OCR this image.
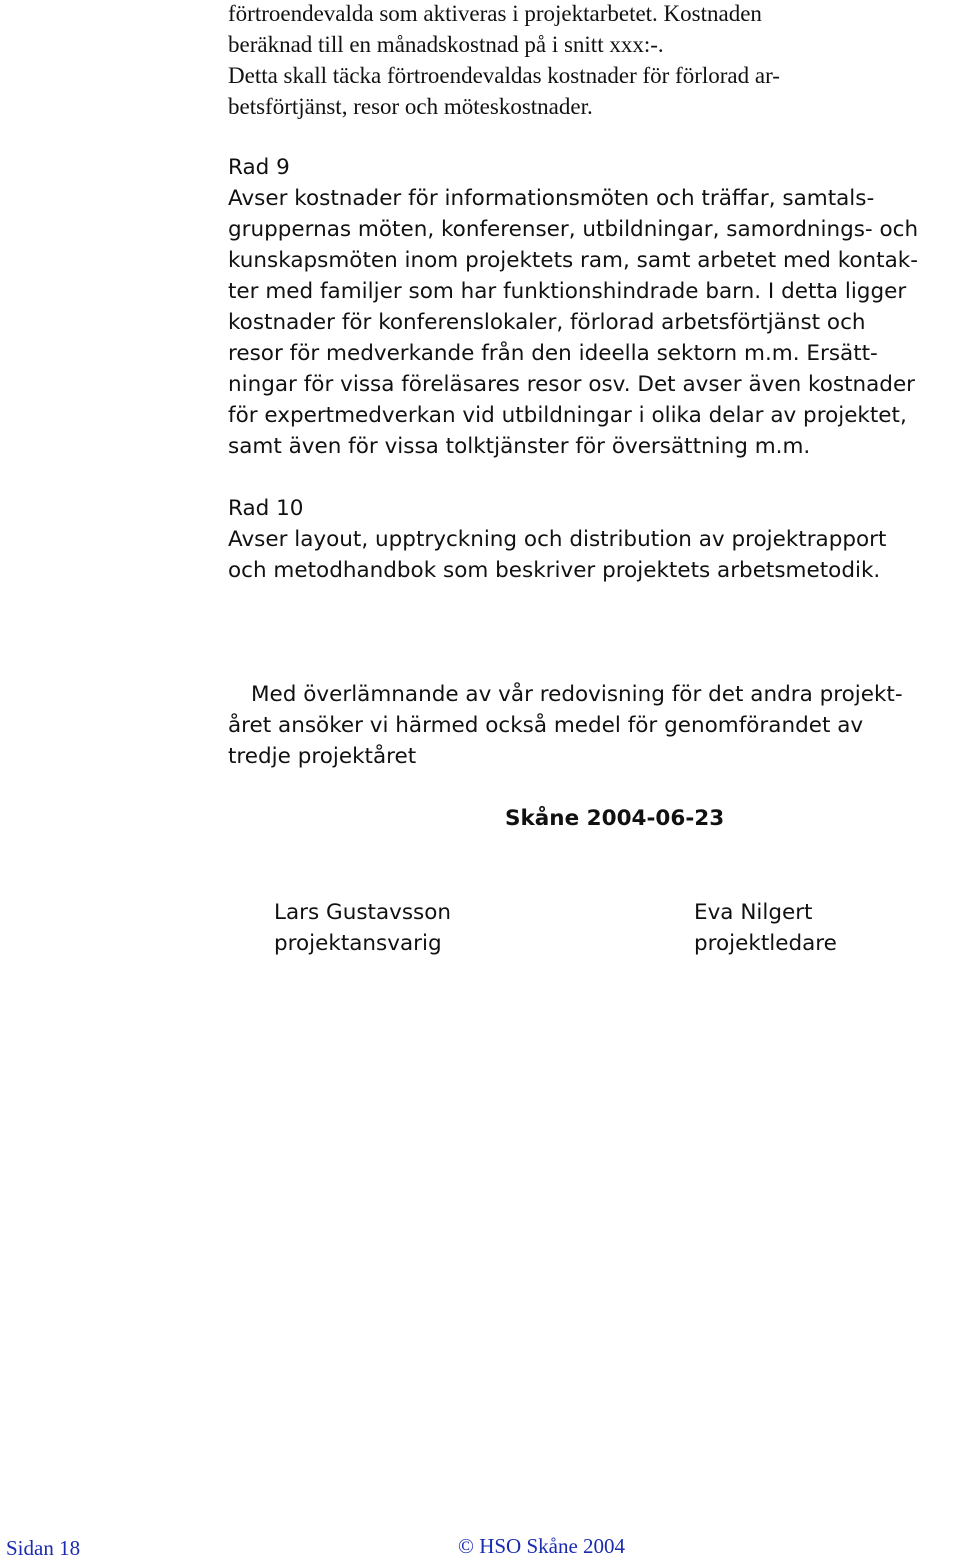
förtroendevalda som aktiveras i projektarbetet. Kostnaden

beräknad till en månadskostnad på i snitt xxx:-.

Detta skall täcka förtroendevaldas kostnader för förlorad ar-

betsförtjänst, resor och möteskostnader.

Rad 9

Avser kostnader för informationsmöten och träffar, samtals-

gruppernas möten, konferenser, utbildningar, samordnings- och

kunskapsmöten inom projektets ram, samt arbetet med kontak-

ter med familjer som har funktionshindrade barn. I detta ligger

kostnader för konferenslokaler, förlorad arbetsförtjänst och

resor för medverkande från den ideella sektorn m.m. Ersätt-

ningar för vissa föreläsares resor osv. Det avser även kostnader

för expertmedverkan vid utbildningar i olika delar av projektet,

samt även för vissa tolktjänster för översättning m.m.

Rad 10

Avser layout, upptryckning och distribution av projektrapport

och metodhandbok som beskriver projektets arbetsmetodik.

Med överlämnande av vår redovisning för det andra projekt-

året ansöker vi härmed också medel för genomförandet av

tredje projektåret

Skåne 2004-06-23

Lars Gustavsson

projektansvarig

Eva Nilgert

projektledare

Sidan 18	© HSO Skåne 2004
